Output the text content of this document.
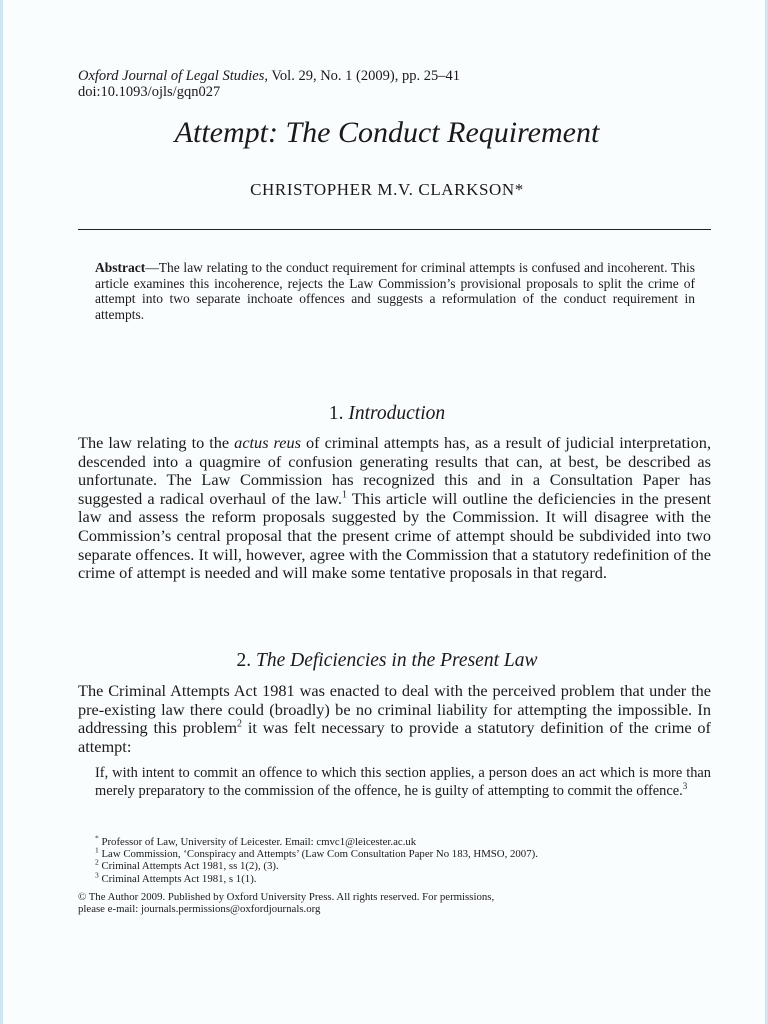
Oxford Journal of Legal Studies, Vol. 29, No. 1 (2009), pp. 25–41
doi:10.1093/ojls/gqn027
Attempt: The Conduct Requirement
CHRISTOPHER M.V. CLARKSON*
Abstract—The law relating to the conduct requirement for criminal attempts is confused and incoherent. This article examines this incoherence, rejects the Law Commission’s provisional proposals to split the crime of attempt into two separate inchoate offences and suggests a reformulation of the conduct requirement in attempts.
1. Introduction

The law relating to the actus reus of criminal attempts has, as a result of judicial interpretation, descended into a quagmire of confusion generating results that can, at best, be described as unfortunate. The Law Commission has recognized this and in a Consultation Paper has suggested a radical overhaul of the law.$^1$ This article will outline the deficiencies in the present law and assess the reform proposals suggested by the Commission. It will disagree with the Commission’s central proposal that the present crime of attempt should be subdivided into two separate offences. It will, however, agree with the Commission that a statutory redefinition of the crime of attempt is needed and will make some tentative proposals in that regard.

2. The Deficiencies in the Present Law

The Criminal Attempts Act 1981 was enacted to deal with the perceived problem that under the pre-existing law there could (broadly) be no criminal liability for attempting the impossible. In addressing this problem$^2$ it was felt necessary to provide a statutory definition of the crime of attempt:

If, with intent to commit an offence to which this section applies, a person does an act which is more than merely preparatory to the commission of the offence, he is guilty of attempting to commit the offence.$^3$

* Professor of Law, University of Leicester. Email: cmvc1@leicester.ac.uk
$^1$ Law Commission, ‘Conspiracy and Attempts’ (Law Com Consultation Paper No 183, HMSO, 2007).
$^2$ Criminal Attempts Act 1981, ss 1(2), (3).
$^3$ Criminal Attempts Act 1981, s 1(1).
© The Author 2009. Published by Oxford University Press. All rights reserved. For permissions,
please e-mail: journals.permissions@oxfordjournals.org
